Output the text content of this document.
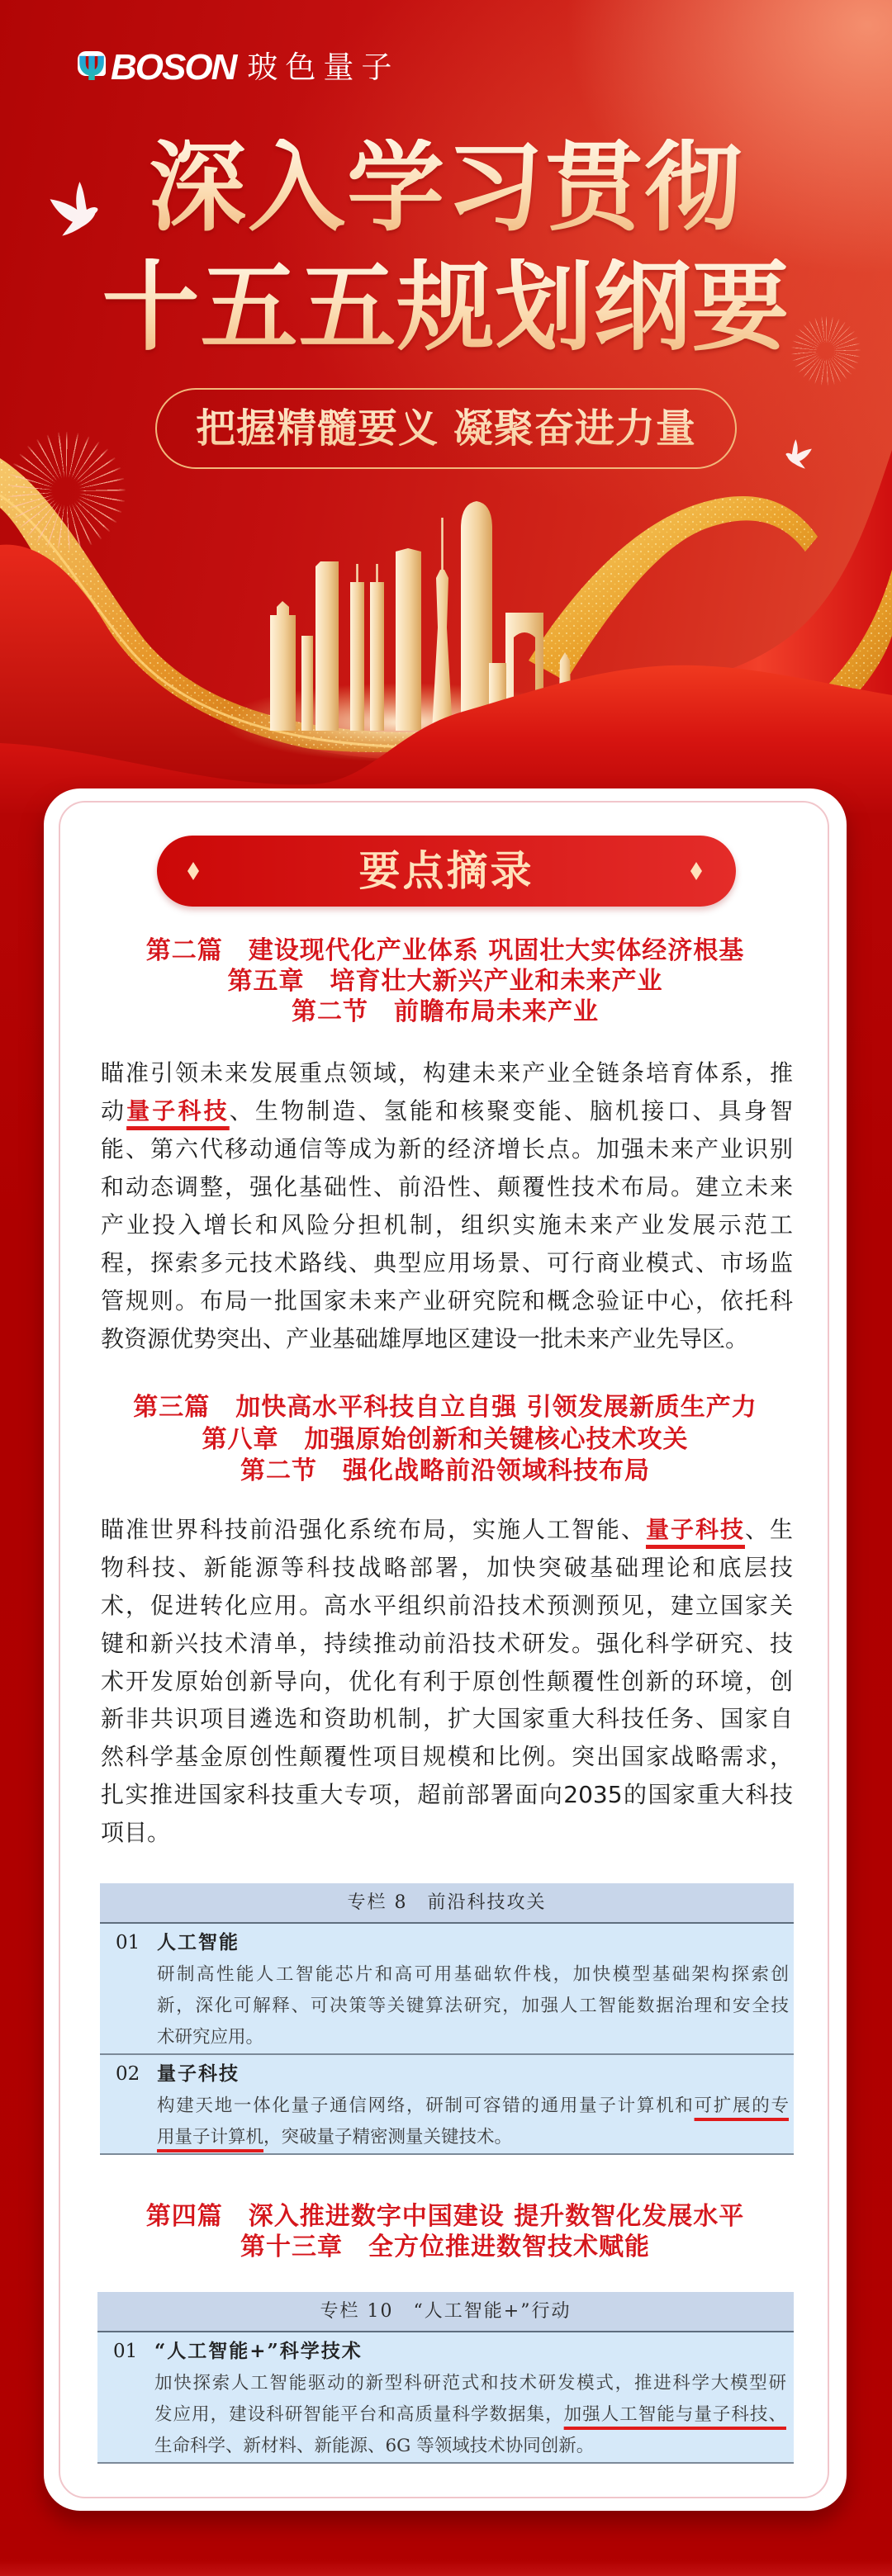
Ψ BOSON 玻色量子
深入学习贯彻
十五五规划纲要
把握精髓要义 凝聚奋进力量
要点摘录
第二篇　建设现代化产业体系 巩固壮大实体经济根基
第五章　培育壮大新兴产业和未来产业
第二节　前瞻布局未来产业
瞄准引领未来发展重点领域，构建未来产业全链条培育体系，推
动量子科技、生物制造、氢能和核聚变能、脑机接口、具身智
能、第六代移动通信等成为新的经济增长点。加强未来产业识别
和动态调整，强化基础性、前沿性、颠覆性技术布局。建立未来
产业投入增长和风险分担机制，组织实施未来产业发展示范工
程，探索多元技术路线、典型应用场景、可行商业模式、市场监
管规则。布局一批国家未来产业研究院和概念验证中心，依托科
教资源优势突出、产业基础雄厚地区建设一批未来产业先导区。
第三篇　加快高水平科技自立自强 引领发展新质生产力
第八章　加强原始创新和关键核心技术攻关
第二节　强化战略前沿领域科技布局
瞄准世界科技前沿强化系统布局，实施人工智能、量子科技、生
物科技、新能源等科技战略部署，加快突破基础理论和底层技
术，促进转化应用。高水平组织前沿技术预测预见，建立国家关
键和新兴技术清单，持续推动前沿技术研发。强化科学研究、技
术开发原始创新导向，优化有利于原创性颠覆性创新的环境，创
新非共识项目遴选和资助机制，扩大国家重大科技任务、国家自
然科学基金原创性颠覆性项目规模和比例。突出国家战略需求，
扎实推进国家科技重大专项，超前部署面向2035的国家重大科技
项目。
专栏 8　前沿科技攻关
01 人工智能
研制高性能人工智能芯片和高可用基础软件栈，加快模型基础架构探索创
新，深化可解释、可决策等关键算法研究，加强人工智能数据治理和安全技
术研究应用。
02 量子科技
构建天地一体化量子通信网络，研制可容错的通用量子计算机和可扩展的专
用量子计算机，突破量子精密测量关键技术。
第四篇　深入推进数字中国建设 提升数智化发展水平
第十三章　全方位推进数智技术赋能
专栏 10　“人工智能+”行动
01 “人工智能+”科学技术
加快探索人工智能驱动的新型科研范式和技术研发模式，推进科学大模型研
发应用，建设科研智能平台和高质量科学数据集，加强人工智能与量子科技、
生命科学、新材料、新能源、6G 等领域技术协同创新。
